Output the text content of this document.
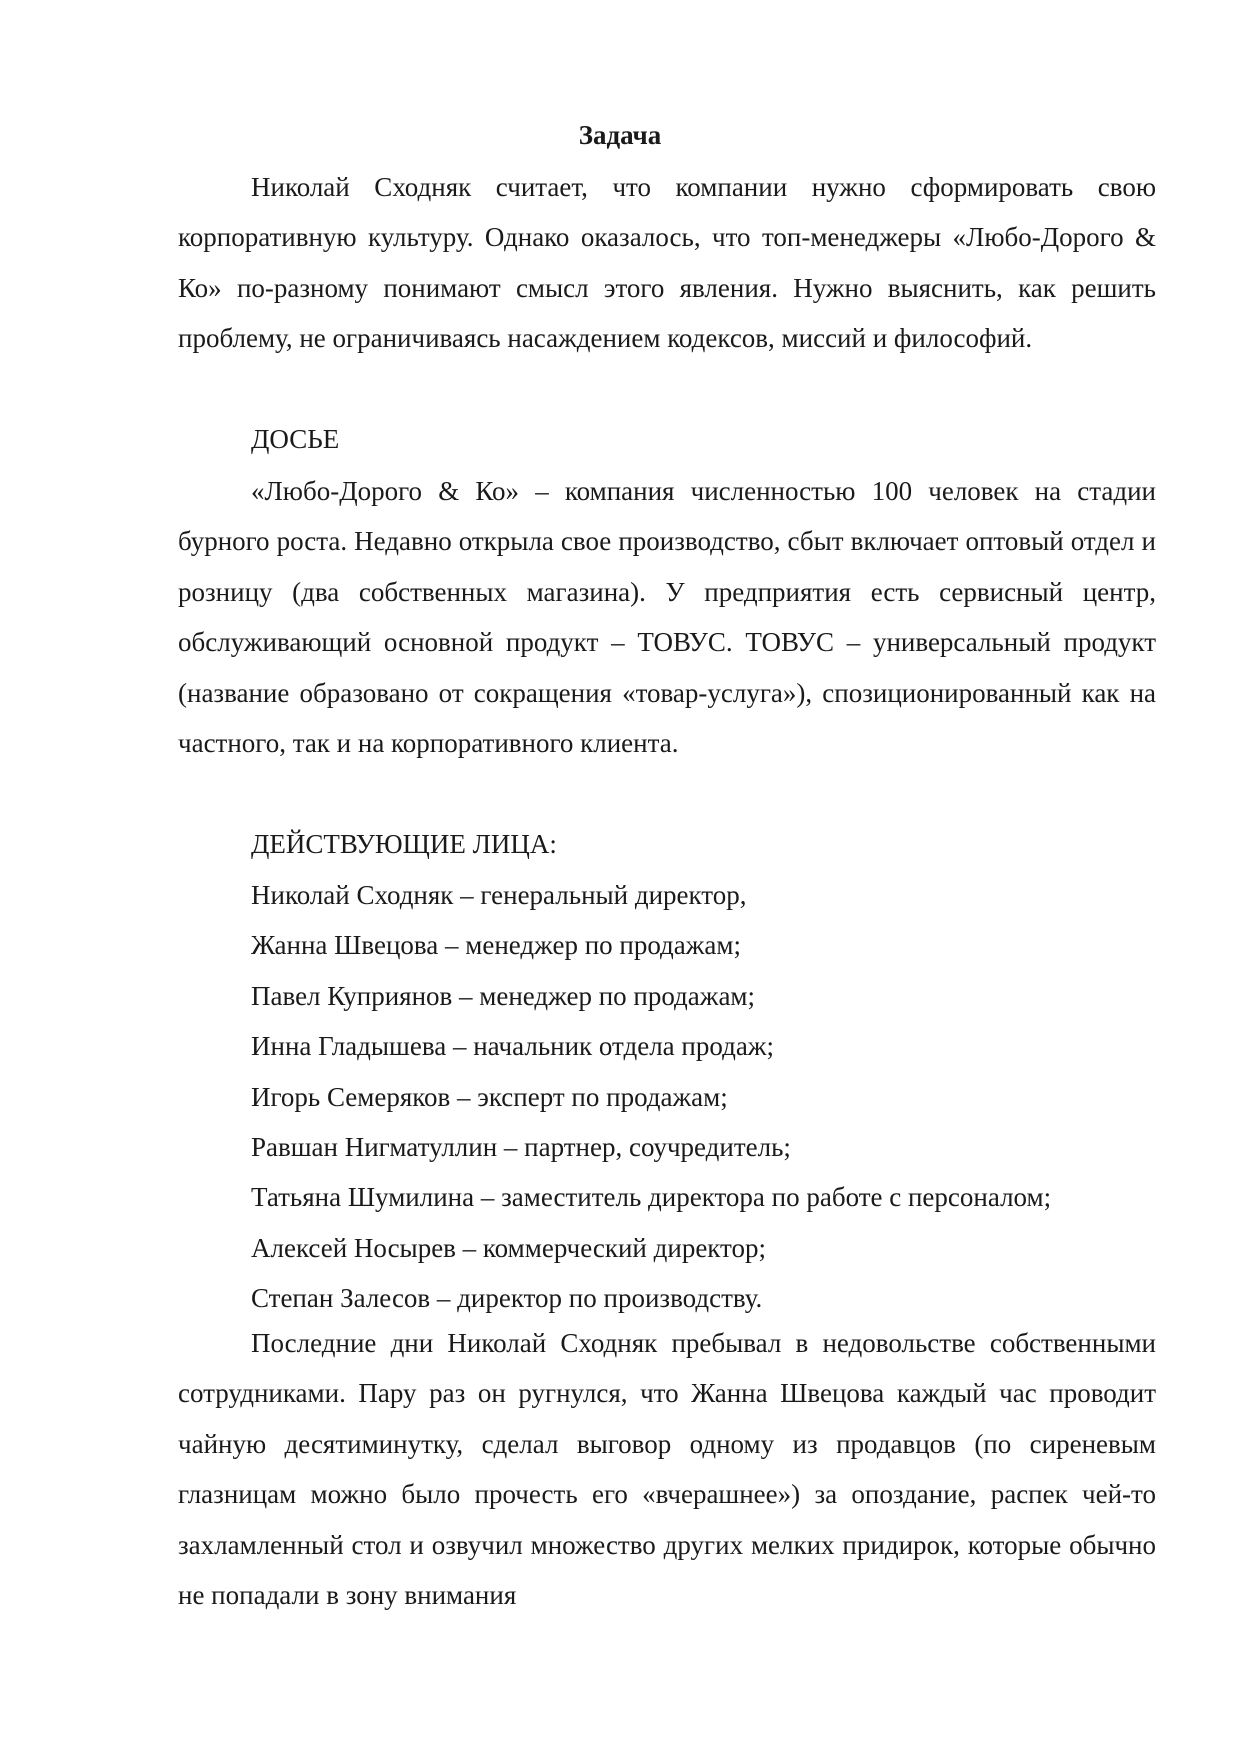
Задача

Николай Сходняк считает, что компании нужно сформировать свою корпоративную культуру. Однако оказалось, что топ-менеджеры «Любо-Дорого & Ко» по-разному понимают смысл этого явления. Нужно выяснить, как решить проблему, не ограничиваясь насаждением кодексов, миссий и философий.

ДОСЬЕ

«Любо-Дорого & Ко» – компания численностью 100 человек на стадии бурного роста. Недавно открыла свое производство, сбыт включает оптовый отдел и розницу (два собственных магазина). У предприятия есть сервисный центр, обслуживающий основной продукт – ТОВУС. ТОВУС – универсальный продукт (название образовано от сокращения «товар-услуга»), спозиционированный как на частного, так и на корпоративного клиента.

ДЕЙСТВУЮЩИЕ ЛИЦА:

Николай Сходняк – генеральный директор,
Жанна Швецова – менеджер по продажам;
Павел Куприянов – менеджер по продажам;
Инна Гладышева – начальник отдела продаж;
Игорь Семеряков – эксперт по продажам;
Равшан Нигматуллин – партнер, соучредитель;
Татьяна Шумилина – заместитель директора по работе с персоналом;
Алексей Носырев – коммерческий директор;
Степан Залесов – директор по производству.

Последние дни Николай Сходняк пребывал в недовольстве собственными сотрудниками. Пару раз он ругнулся, что Жанна Швецова каждый час проводит чайную десятиминутку, сделал выговор одному из продавцов (по сиреневым глазницам можно было прочесть его «вчерашнее») за опоздание, распек чей-то захламленный стол и озвучил множество других мелких придирок, которые обычно не попадали в зону внимания
